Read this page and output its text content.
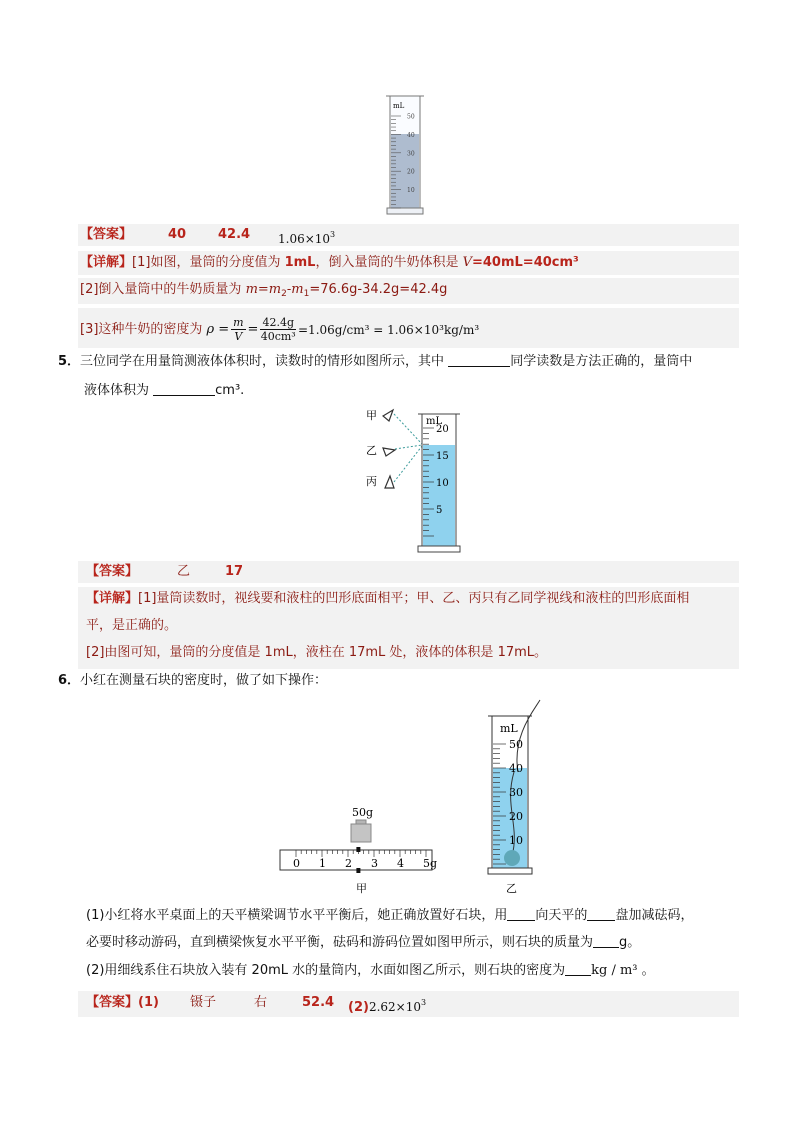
mL
50
40
30
20
10
【答案】	40 42.4 $1.06\times 10^3$
【详解】[1]如图，量筒的分度值为 1mL，倒入量筒的牛奶体积是 V=40mL=40cm³
[2]倒入量筒中的牛奶质量为 $m=m_2-m_1=76.6g-34.2g=42.4g$
[3] 这种牛奶的密度为 $\rho = \frac{m}{V} = \frac{42.4g}{\text{40cm³}} =1.06g/cm^3 = 1.06\times 10^3kg/m^3$
5．三位同学在用量筒测液体体积时，读数时的情形如图所示，其中	同学读数是方法正确的，量筒中
液体体积为	cm³.
甲
乙
丙
mL
20
15
10
5
【答案】	乙	17
【详解】[1]量筒读数时，视线要和液柱的凹形底面相平；甲、乙、丙只有乙同学视线和液柱的凹形底面相
平，是正确的。
[2]由图可知，量筒的分度值是 1mL，液柱在 17mL 处，液体的体积是 17mL。
6．小红在测量石块的密度时，做了如下操作：
50g
0 1 2 3 4 5g
甲
mL
50
40
30
20
10
乙
(1)小红将水平桌面上的天平横梁调节水平平衡后，她正确放置好石块，用 向天平的 盘加减砝码，
必要时移动游码，直到横梁恢复水平平衡，砝码和游码位置如图甲所示，则石块的质量为 g。
(2)用细线系住石块放入装有 20mL 水的量筒内，水面如图乙所示，则石块的密度为 kg / m³ 。
【答案】(1) 镊子	右	52.4 $(2)2.62\times 10^3$
